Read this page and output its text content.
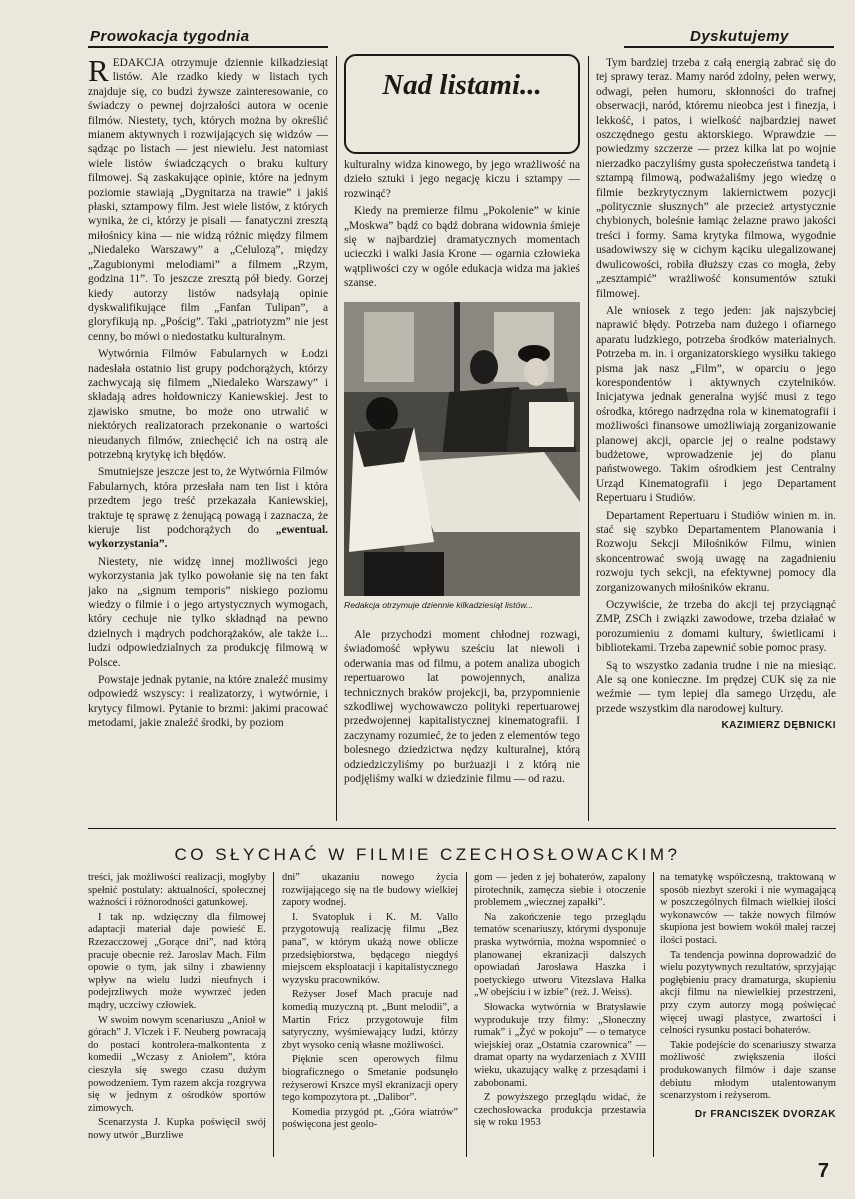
Prowokacja tygodnia	Dyskutujemy

REDAKCJA otrzymuje dziennie kilkadziesiąt listów. Ale rzadko kiedy w listach tych znajduje się, co budzi żywsze zainteresowanie, co świadczy o pewnej dojrzałości autora w ocenie filmów. Niestety, tych, których można by określić mianem aktywnych i rozwijających się widzów — sądząc po listach — jest niewielu. Jest natomiast wiele listów świadczących o braku kultury filmowej. Są zaskakujące opinie, które na jednym poziomie stawiają „Dygnitarza na trawie” i jakiś płaski, sztampowy film. Jest wiele listów, z których wynika, że ci, którzy je pisali — fanatyczni zresztą miłośnicy kina — nie widzą różnic między filmem „Niedaleko Warszawy” a „Celulozą”, między „Zagubionymi melodiami” a filmem „Rzym, godzina 11”. To jeszcze zresztą pół biedy. Gorzej kiedy autorzy listów nadsyłają opinie dyskwalifikujące film „Fanfan Tulipan”, a gloryfikują np. „Pościg”. Taki „patriotyzm” nie jest cenny, bo mówi o niedostatku kulturalnym.

Wytwórnia Filmów Fabularnych w Łodzi nadesłała ostatnio list grupy podchorążych, którzy zachwycają się filmem „Niedaleko Warszawy” i składają adres hołdowniczy Kaniewskiej. Jest to zjawisko smutne, bo może ono utrwalić w niektórych realizatorach przekonanie o wartości nieudanych filmów, zniechęcić ich na ostrą ale potrzebną krytykę ich błędów.

Smutniejsze jeszcze jest to, że Wytwórnia Filmów Fabularnych, która przesłała nam ten list i która przedtem jego treść przekazała Kaniewskiej, traktuje tę sprawę z żenującą powagą i zaznacza, że kieruje list podchorążych do „ewentual. wykorzystania”.

Niestety, nie widzę innej możliwości jego wykorzystania jak tylko powołanie się na ten fakt jako na „signum temporis” niskiego poziomu wiedzy o filmie i o jego artystycznych wymogach, który cechuje nie tylko składnąd na pewno dzielnych i mądrych podchorążaków, ale także i... ludzi odpowiedzialnych za produkcję filmową w Polsce.

Powstaje jednak pytanie, na które znaleźć musimy odpowiedź wszyscy: i realizatorzy, i wytwórnie, i krytycy filmowi. Pytanie to brzmi: jakimi pracować metodami, jakie znaleźć środki, by poziom

Nad listami...

kulturalny widza kinowego, by jego wrażliwość na dzieło sztuki i jego negację kiczu i sztampy — rozwinąć?

Kiedy na premierze filmu „Pokolenie” w kinie „Moskwa” bądź co bądź dobrana widownia śmieje się w najbardziej dramatycznych momentach ucieczki i walki Jasia Krone — ogarnia człowieka wątpliwości czy w ogóle edukacja widza ma jakieś szanse.

Redakcja otrzymuje dziennie kilkadziesiąt listów...

Ale przychodzi moment chłodnej rozwagi, świadomość wpływu sześciu lat niewoli i oderwania mas od filmu, a potem analiza ubogich repertuarowo lat powojennych, analiza technicznych braków projekcji, ba, przypomnienie szkodliwej wychowawczo polityki repertuarowej przedwojennej kapitalistycznej kinematografii. I zaczynamy rozumieć, że to jeden z elementów tego bolesnego dziedzictwa nędzy kulturalnej, którą odziedziczyliśmy po burżuazji i z którą nie podjęliśmy walki w dziedzinie filmu — od razu.

Tym bardziej trzeba z całą energią zabrać się do tej sprawy teraz. Mamy naród zdolny, pełen werwy, odwagi, pełen humoru, skłonności do trafnej obserwacji, naród, któremu nieobca jest i finezja, i lekkość, i patos, i wielkość najbardziej nawet oszczędnego gestu aktorskiego. Wprawdzie — powiedzmy szczerze — przez kilka lat po wojnie nierzadko paczyliśmy gusta społeczeństwa tandetą i sztampą filmową, podważaliśmy jego wiedzę o filmie bezkrytycznym lakiernictwem pozycji „politycznie słusznych” ale przecież artystycznie chybionych, boleśnie łamiąc żelazne prawo jakości treści i formy. Sama krytyka filmowa, wygodnie usadowiwszy się w cichym kąciku ulegalizowanej dwulicowości, robiła dłuższy czas co mogła, żeby „zesztampić” wrażliwość konsumentów sztuki filmowej.

Ale wniosek z tego jeden: jak najszybciej naprawić błędy. Potrzeba nam dużego i ofiarnego aparatu ludzkiego, potrzeba środków materialnych. Potrzeba m. in. i organizatorskiego wysiłku takiego pisma jak nasz „Film”, w oparciu o jego korespondentów i aktywnych czytelników. Inicjatywa jednak generalna wyjść musi z tego ośrodka, którego nadrzędna rola w kinematografii i możliwości finansowe umożliwiają zorganizowanie planowej akcji, oparcie jej o realne podstawy budżetowe, wprowadzenie jej do planu państwowego. Takim ośrodkiem jest Centralny Urząd Kinematografii i jego Departament Repertuaru i Studiów.

Departament Repertuaru i Studiów winien m. in. stać się szybko Departamentem Planowania i Rozwoju Sekcji Miłośników Filmu, winien skoncentrować swoją uwagę na zagadnieniu rozwoju tych sekcji, na efektywnej pomocy dla zorganizowanych miłośników ekranu.

Oczywiście, że trzeba do akcji tej przyciągnąć ZMP, ZSCh i związki zawodowe, trzeba działać w porozumieniu z domami kultury, świetlicami i bibliotekami. Trzeba zapewnić sobie pomoc prasy.

Są to wszystko zadania trudne i nie na miesiąc. Ale są one konieczne. Im prędzej CUK się za nie weźmie — tym lepiej dla samego Urzędu, ale przede wszystkim dla narodowej kultury.

KAZIMIERZ DĘBNICKI
CO SŁYCHAĆ W FILMIE CZECHOSŁOWACKIM?

treści, jak możliwości realizacji, mogłyby spełnić postulaty: aktualności, społecznej ważności i różnorodności gatunkowej.

I tak np. wdzięczny dla filmowej adaptacji materiał daje powieść E. Rzezacczowej „Gorące dni”, nad którą pracuje obecnie reż. Jaroslav Mach. Film opowie o tym, jak silny i zbawienny wpływ na wielu ludzi nieufnych i podejrzliwych może wywrzeć jeden mądry, uczciwy człowiek.

W swoim nowym scenariuszu „Anioł w górach” J. Vlczek i F. Neuberg powracają do postaci kontrolera-malkontenta z komedii „Wczasy z Aniołem”, która cieszyła się swego czasu dużym powodzeniem. Tym razem akcja rozgrywa się w jednym z ośrodków sportów zimowych.

Scenarzysta J. Kupka poświęcił swój nowy utwór „Burzliwe

dni” ukazaniu nowego życia rozwijającego się na tle budowy wielkiej zapory wodnej.

I. Svatopluk i K. M. Vallo przygotowują realizację filmu „Bez pana”, w którym ukażą nowe oblicze przedsiębiorstwa, będącego niegdyś miejscem eksploatacji i kapitalistycznego wyzysku pracowników.

Reżyser Josef Mach pracuje nad komedią muzyczną pt. „Bunt melodii”, a Martin Fricz przygotowuje film satyryczny, wyśmiewający ludzi, którzy zbyt wysoko cenią własne możliwości.

Pięknie scen operowych filmu biograficznego o Smetanie podsunęło reżyserowi Krszce myśl ekranizacji opery tego kompozytora pt. „Dalibor”.

Komedia przygód pt. „Góra wiatrów” poświęcona jest geolo-

gom — jeden z jej bohaterów, zapalony pirotechnik, zamęcza siebie i otoczenie problemem „wiecznej zapałki”.

Na zakończenie tego przeglądu tematów scenariuszy, którymi dysponuje praska wytwórnia, można wspomnieć o planowanej ekranizacji dalszych opowiadań Jarosława Haszka i poetyckiego utworu Vitezslava Halka „W obejściu i w izbie” (reż. J. Weiss).

Słowacka wytwórnia w Bratysławie wyprodukuje trzy filmy: „Słoneczny rumak” i „Żyć w pokoju” — o tematyce wiejskiej oraz „Ostatnia czarownica” — dramat oparty na wydarzeniach z XVIII wieku, ukazujący walkę z przesądami i zabobonami.

Z powyższego przeglądu widać, że czechosłowacka produkcja przestawia się w roku 1953

na tematykę współczesną, traktowaną w sposób niezbyt szeroki i nie wymagającą w poszczególnych filmach wielkiej ilości wykonawców — także nowych filmów skupiona jest bowiem wokół małej raczej ilości postaci.

Ta tendencja powinna doprowadzić do wielu pozytywnych rezultatów, sprzyjając pogłębieniu pracy dramaturga, skupieniu akcji filmu na niewielkiej przestrzeni, przy czym autorzy mogą poświęcać więcej uwagi plastyce, zwartości i celności rysunku postaci bohaterów.

Takie podejście do scenariuszy stwarza możliwość zwiększenia ilości produkowanych filmów i daje szanse debiutu młodym utalentowanym scenarzystom i reżyserom.

Dr FRANCISZEK DVORZAK
7
